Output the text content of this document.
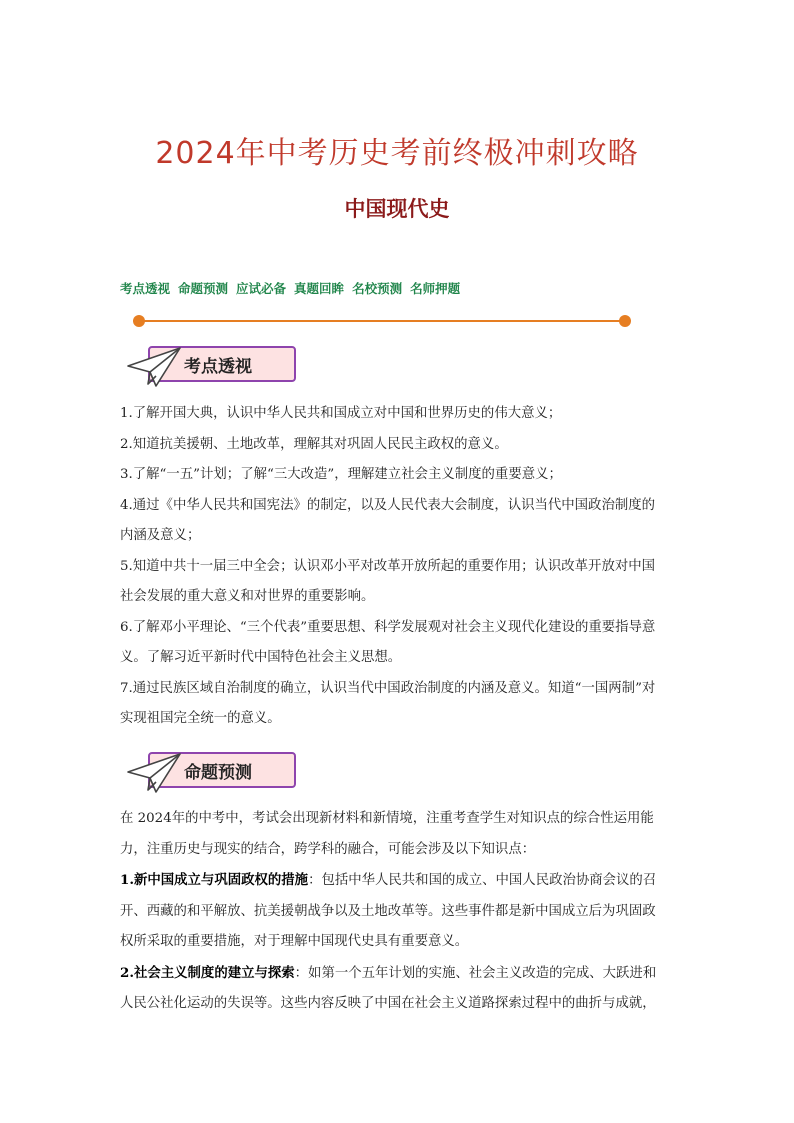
2024年中考历史考前终极冲刺攻略
中国现代史
考点透视 命题预测 应试必备 真题回眸 名校预测 名师押题
考点透视

1.了解开国大典，认识中华人民共和国成立对中国和世界历史的伟大意义；

2.知道抗美援朝、土地改革，理解其对巩固人民民主政权的意义。

3.了解“一五”计划；了解“三大改造”，理解建立社会主义制度的重要意义；

4.通过《中华人民共和国宪法》的制定，以及人民代表大会制度，认识当代中国政治制度的

内涵及意义；

5.知道中共十一届三中全会；认识邓小平对改革开放所起的重要作用；认识改革开放对中国

社会发展的重大意义和对世界的重要影响。

6.了解邓小平理论、“三个代表”重要思想、科学发展观对社会主义现代化建设的重要指导意

义。了解习近平新时代中国特色社会主义思想。

7.通过民族区域自治制度的确立，认识当代中国政治制度的内涵及意义。知道“一国两制”对

实现祖国完全统一的意义。

命题预测

在 2024年的中考中，考试会出现新材料和新情境，注重考查学生对知识点的综合性运用能

力，注重历史与现实的结合，跨学科的融合，可能会涉及以下知识点：

1.新中国成立与巩固政权的措施：包括中华人民共和国的成立、中国人民政治协商会议的召

开、西藏的和平解放、抗美援朝战争以及土地改革等。这些事件都是新中国成立后为巩固政

权所采取的重要措施，对于理解中国现代史具有重要意义。

2.社会主义制度的建立与探索：如第一个五年计划的实施、社会主义改造的完成、大跃进和

人民公社化运动的失误等。这些内容反映了中国在社会主义道路探索过程中的曲折与成就，
